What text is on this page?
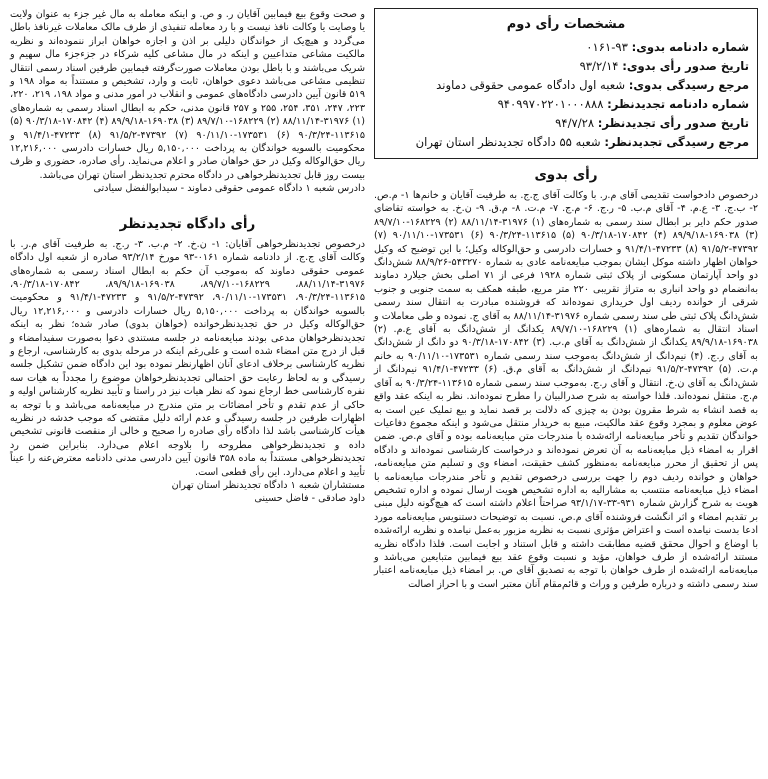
مشخصات رأی دوم
شماره دادنامه بدوی: ۹۳-۰۱۶۱
تاریخ صدور رأی بدوی: ۹۳/۲/۱۴
مرجع رسیدگی بدوی: شعبه اول دادگاه عمومی حقوقی دماوند
شماره دادنامه تجدیدنظر: ۹۴۰۹۹۷۰۲۲۰۱۰۰۰۸۸۸
تاریخ صدور رأی تجدیدنظر: ۹۴/۷/۲۸
مرجع رسیدگی تجدیدنظر: شعبه ۵۵ دادگاه تجدیدنظر استان تهران
رأی بدوی

درخصوص دادخواست تقدیمی آقای م.ر. با وکالت آقای ج.ج. به طرفیت آقایان و خانم‌ها ۱- م.ص. ۲- ب.ج. ۳- ع.م. ۴- آقای م.ب. ۵- ر.ج. ۶- م.ج. ۷- م.ت. ۸- م.ق. ۹- ن.خ. به خواسته تقاضای صدور حکم دایر بر ابطال سند رسمی به شماره‌های (۱) ۳۱۹۷۶-۸۸/۱۱/۱۴ (۲) ۱۶۸۲۲۹-۸۹/۷/۱۰ (۳) ۱۶۹۰۳۸-۸۹/۹/۱۸ (۴) ۱۷۰۸۴۲-۹۰/۳/۱۸ (۵) ۱۱۳۶۱۵-۹۰/۳/۲۴ (۶) ۱۷۳۵۳۱-۹۰/۱۱/۱۰ (۷) ۴۷۳۹۲-۹۱/۵/۲ (۸) ۴۷۲۳۳-۹۱/۴/۱ و خسارات دادرسی و حق‌الوکاله وکیل؛ با این توضیح که وکیل خواهان اظهار داشته موکل ایشان بموجب مبایعه‌نامه عادی به شماره ۵۴۳۲۷۰-۸۸/۹/۲۶ شش‌دانگ دو واحد آپارتمان مسکونی از پلاک ثبتی شماره ۱۹۲۸ فرعی از ۷۱ اصلی بخش جیلارد دماوند به‌انضمام دو واحد انباری به متراژ تقریبی ۲۲۰ متر مربع، طبقه همکف به سمت جنوبی و جنوب شرقی از خوانده ردیف اول خریداری نموده‌اند که فروشنده مبادرت به انتقال سند رسمی شش‌دانگ پلاک ثبتی طی سند رسمی شماره ۳۱۹۷۶-۸۸/۱۱/۱۴ به آقای ج. نموده و طی معاملات و اسناد انتقال به شماره‌های (۱) ۱۶۸۲۲۹-۸۹/۷/۱۰ یکدانگ از شش‌دانگ به آقای ع.م. (۲) ۱۶۹۰۳۸-۸۹/۹/۱۸ یکدانگ از شش‌دانگ به آقای م.ب. (۳) ۱۷۰۸۴۲-۹۰/۳/۱۸ دو دانگ از شش‌دانگ به آقای ر.ج. (۴) نیم‌دانگ از شش‌دانگ به‌موجب سند رسمی شماره ۱۷۳۵۳۱-۹۰/۱۱/۱۰ به خانم م.ت. (۵) ۴۷۳۹۲-۹۱/۵/۲ نیم‌دانگ از شش‌دانگ به آقای م.ق. (۶) ۴۷۲۳۳-۹۱/۴/۱ نیم‌دانگ از شش‌دانگ به آقای ن.خ. انتقال و آقای ر.ج. به‌موجب سند رسمی شماره ۱۱۳۶۱۵-۹۰/۳/۲۴ به آقای م.ج. منتقل نموده‌اند. فلذا خواسته به شرح صدرالبیان را مطرح نموده‌اند. نظر به اینکه عقد واقع به قصد انشاء به شرط مقرون بودن به چیزی که دلالت بر قصد نماید و بیع تملیک عین است به عوض معلوم و بمجرد وقوع عقد مالکیت، مبیع به خریدار منتقل می‌شود و اینکه مجموع دفاعیات خواندگان تقدیم و تأخر مبایعه‌نامه ارائه‌شده با مندرجات متن مبایعه‌نامه بوده و آقای م.ص. ضمن اقرار به امضاء ذیل مبایعه‌نامه به آن تعرض نموده‌اند و درخواست کارشناسی نموده‌اند و دادگاه پس از تحقیق از محرر مبایعه‌نامه به‌منظور کشف حقیقت، امضاء وی و تسلیم متن مبایعه‌نامه، خواهان و خوانده ردیف دوم را جهت بررسی درخصوص تقدیم و تأخر مندرجات مبایعه‌نامه با امضاء ذیل مبایعه‌نامه منتسب به مشارالیه به اداره تشخیص هویت ارسال نموده و اداره تشخیص هویت به شرح گزارش شماره ۹۳۱-۳۳-۹۳/۱/۱۷ صراحتاً اعلام داشته است که هیچ‌گونه دلیل مبنی بر تقدیم امضاء و اثر انگشت فروشنده آقای م.ص. نسبت به توضیحات دستنویس مبایعه‌نامه مورد ادعا بدست نیامده است و اعتراض مؤثری نسبت به نظریه مزبور به‌عمل نیامده و نظریه ارائه‌شده با اوضاع و احوال محقق قضیه مطابقت داشته و قابل استناد و اجابت است. فلذا دادگاه نظریه مستند ارائه‌شده از طرف خواهان، مؤید و نسبت وقوع عقد بیع فیمابین متبایعین می‌باشد و مبایعه‌نامه ارائه‌شده از طرف خواهان با توجه به تصدیق آقای ص. بر امضاء ذیل مبایعه‌نامه اعتبار سند رسمی داشته و درباره طرفین و وراث و قائم‌مقام آنان معتبر است و با احراز اصالت

و صحت وقوع بیع فیمابین آقایان ر. و ص. و اینکه معامله به مال غیر جزء به عنوان ولایت یا وصایت یا وکالت نافذ نیست و با رد معامله تنفیذی از طرف مالک معاملات غیرنافذ باطل می‌گردد و هیچ‌یک از خواندگان دلیلی بر اذن و اجازه خواهان ابراز ننموده‌اند و نظریه مالکیت مشاعی متداعیین و اینکه در مال مشاعی کلیه شرکاء در جزءجزء مال سهیم و شریک می‌باشند و با باطل بودن معاملات صورت‌گرفته فیمابین طرفین اسناد رسمی انتقال تنظیمی مشاعی می‌باشد دعوی خواهان، ثابت و وارد، تشخیص و مستنداً به مواد ۱۹۸ و ۵۱۹ قانون آیین دادرسی دادگاه‌های عمومی و انقلاب در امور مدنی و مواد ۱۹۸، ۲۱۹، ۲۲۰، ۲۲۳، ۲۴۷، ۳۵۱، ۲۵۴، ۲۵۵ و ۲۵۷ قانون مدنی، حکم به ابطال اسناد رسمی به شماره‌های (۱) ۳۱۹۷۶-۸۸/۱۱/۱۴ (۲) ۱۶۸۲۲۹-۸۹/۷/۱۰ (۳) ۱۶۹۰۳۸-۸۹/۹/۱۸ (۴) ۱۷۰۸۴۲-۹۰/۳/۱۸ (۵) ۱۱۳۶۱۵-۹۰/۳/۲۴ (۶) ۱۷۳۵۳۱-۹۰/۱۱/۱۰ (۷) ۴۷۳۹۲-۹۱/۵/۲ (۸) ۴۷۲۳۳-۹۱/۴/۱ و محکومیت بالسویه خواندگان به پرداخت ۵,۱۵۰,۰۰۰ ریال خسارات دادرسی ۱۲,۲۱۶,۰۰۰ ریال حق‌الوکاله وکیل در حق خواهان صادر و اعلام می‌نماید. رأی صادره، حضوری و ظرف بیست روز قابل تجدیدنظرخواهی در دادگاه محترم تجدیدنظر استان تهران می‌باشد.

دادرس شعبه ۱ دادگاه عمومی حقوقی دماوند - سیدابوالفضل سیادتی

رأی دادگاه تجدیدنظر

درخصوص تجدیدنظرخواهی آقایان: ۱- ن.خ. ۲- م.ب. ۳- ر.ج. به طرفیت آقای م.ر. با وکالت آقای ج.ج. از دادنامه شماره ۰۱۶۱-۹۳ مورخ ۹۳/۲/۱۴ صادره از شعبه اول دادگاه عمومی حقوقی دماوند که به‌موجب آن حکم به ابطال اسناد رسمی به شماره‌های ۳۱۹۷۶-۸۸/۱۱/۱۴، ۱۶۸۲۲۹-۸۹/۷/۱۰، ۱۶۹۰۳۸-۸۹/۹/۱۸، ۱۷۰۸۴۲-۹۰/۳/۱۸، ۱۱۳۶۱۵-۹۰/۳/۲۴، ۱۷۳۵۳۱-۹۰/۱۱/۱۰، ۴۷۳۹۲-۹۱/۵/۲ و ۴۷۲۳۳-۹۱/۴/۱ و محکومیت بالسویه خواندگان به پرداخت ۵,۱۵۰,۰۰۰ ریال خسارات دادرسی و ۱۲,۲۱۶,۰۰۰ ریال حق‌الوکاله وکیل در حق تجدیدنظرخوانده (خواهان بدوی) صادر شده؛ نظر به اینکه تجدیدنظرخواهان مدعی بودند مبایعه‌نامه در جلسه مستندی دعوا به‌صورت سفیدامضاء و قبل از درج متن امضاء شده است و علی‌رغم اینکه در مرحله بدوی به کارشناسی، ارجاع و نظریه کارشناسی برخلاف ادعای آنان اظهارنظر نموده بود این دادگاه ضمن تشکیل جلسه رسیدگی و به لحاظ رعایت حق احتمالی تجدیدنظرخواهان موضوع را مجدداً به هیات سه نفره کارشناسی خط ارجاع نمود که نظر هیات نیز در راستا و تأیید نظریه کارشناس اولیه و حاکی از عدم تقدم و تأخر امضائات بر متن مندرج در مبایعه‌نامه می‌باشد و با توجه به اظهارات طرفین در جلسه رسیدگی و عدم ارائه دلیل مقتضی که موجب خدشه در نظریه هیأت کارشناسی باشد لذا دادگاه رأی صادره را صحیح و خالی از منقصت قانونی تشخیص داده و تجدیدنظرخواهی مطروحه را بلاوجه اعلام می‌دارد. بنابراین ضمن رد تجدیدنظرخواهی مستنداً به ماده ۳۵۸ قانون آیین دادرسی مدنی دادنامه معترض‌عنه را عیناً تأیید و اعلام می‌دارد. این رأی قطعی است.

مستشاران شعبه ۱ دادگاه تجدیدنظر استان تهران

داود صادقی - فاضل حسینی
